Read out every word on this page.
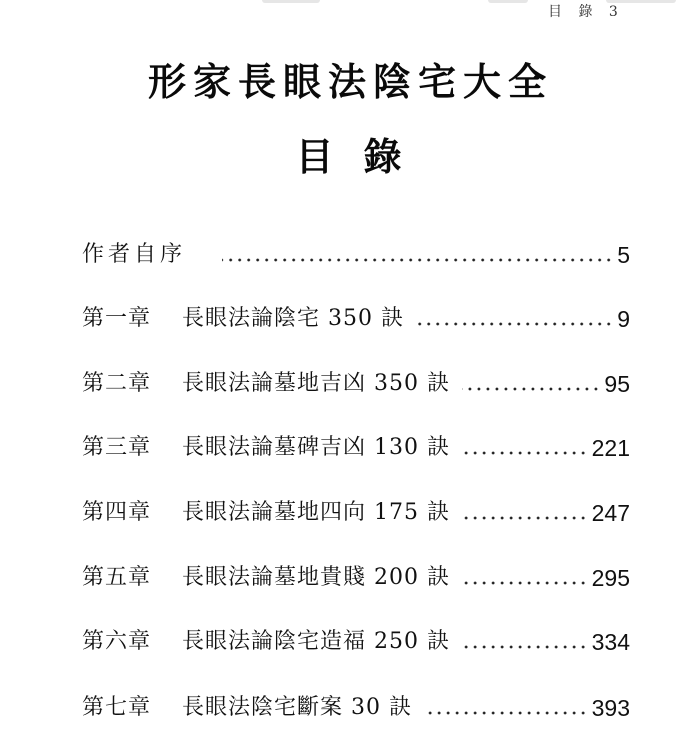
目 錄 3
形家長眼法陰宅大全
目錄
作者自序	5
第一章	長眼法論陰宅 350 訣	9
第二章	長眼法論墓地吉凶 350 訣	95
第三章	長眼法論墓碑吉凶 130 訣	221
第四章	長眼法論墓地四向 175 訣	247
第五章	長眼法論墓地貴賤 200 訣	295
第六章	長眼法論陰宅造福 250 訣	334
第七章	長眼法陰宅斷案 30 訣	393
